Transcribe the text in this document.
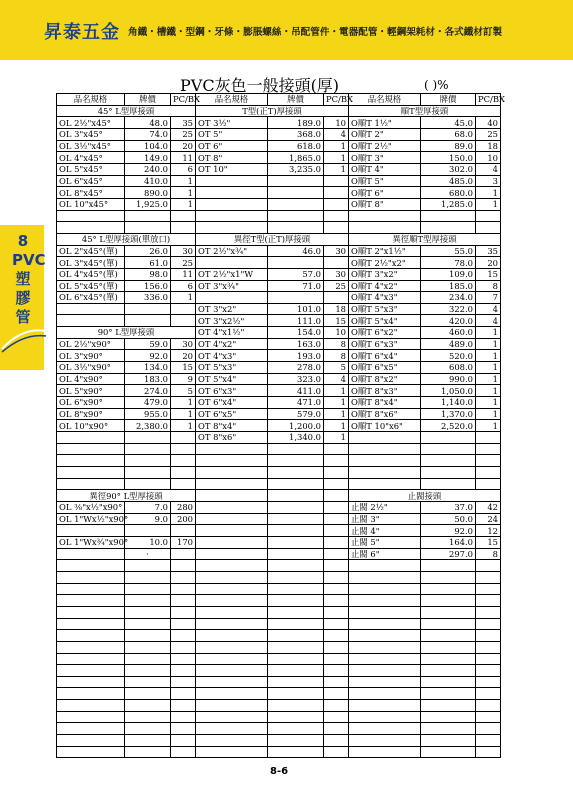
昇泰五金 角鐵・槽鐵・型鋼・牙條・膨脹螺絲・吊配管件・電器配管・輕鋼架耗材・各式鐵材訂製
8 PVC塑膠管
PVC灰色一般接頭(厚)	( )%
品名規格	牌價	PC/BX	品名規格	牌價	PC/BX	品名規格	牌價	PC/BX
45° L型厚接頭			T型(正T)厚接頭			順T型厚接頭		
OL 2½"x45°	48.0	35	OT 3½"	189.0	10	O順T 1½"	45.0	40
OL 3"x45°	74.0	25	OT 5"	368.0	4	O順T 2"	68.0	25
OL 3½"x45°	104.0	20	OT 6"	618.0	1	O順T 2½"	89.0	18
OL 4"x45°	149.0	11	OT 8"	1,865.0	1	O順T 3"	150.0	10
OL 5"x45°	240.0	6	OT 10"	3,235.0	1	O順T 4"	302.0	4
OL 6"x45°	410.0	1				O順T 5"	485.0	3
OL 8"x45°	890.0	1				O順T 6"	680.0	1
OL 10"x45°	1,925.0	1				O順T 8"	1,285.0	1

45° L型厚接頭(單放口)			異徑T型(正T)厚接頭			異徑順T型厚接頭		
OL 2"x45°(單)	26.0	30	OT 2½"x¾"	46.0	30	O順T 2"x1½"	55.0	35
OL 3"x45°(單)	61.0	25				O順T 2½"x2"	78.0	20
OL 4"x45°(單)	98.0	11	OT 2½"x1"W	57.0	30	O順T 3"x2"	109.0	15
OL 5"x45°(單)	156.0	6	OT 3"x¾"	71.0	25	O順T 4"x2"	185.0	8
OL 6"x45°(單)	336.0	1				O順T 4"x3"	234.0	7
			OT 3"x2"	101.0	18	O順T 5"x3"	322.0	4
			OT 3"x2½"	111.0	15	O順T 5"x4"	420.0	4
90° L型厚接頭			OT 4"x1½"	154.0	10	O順T 6"x2"	460.0	1
OL 2½"x90°	59.0	30	OT 4"x2"	163.0	8	O順T 6"x3"	489.0	1
OL 3"x90°	92.0	20	OT 4"x3"	193.0	8	O順T 6"x4"	520.0	1
OL 3½"x90°	134.0	15	OT 5"x3"	278.0	5	O順T 6"x5"	608.0	1
OL 4"x90°	183.0	9	OT 5"x4"	323.0	4	O順T 8"x2"	990.0	1
OL 5"x90°	274.0	5	OT 6"x3"	411.0	1	O順T 8"x3"	1,050.0	1
OL 6"x90°	479.0	1	OT 6"x4"	471.0	1	O順T 8"x4"	1,140.0	1
OL 8"x90°	955.0	1	OT 6"x5"	579.0	1	O順T 8"x6"	1,370.0	1
OL 10"x90°	2,380.0	1	OT 8"x4"	1,200.0	1	O順T 10"x6"	2,520.0	1
			OT 8"x6"	1,340.0	1			

異徑90° L型厚接頭						止閥接頭		
OL ⅜"x½"x90°	7.0	280				止閥 2½"	37.0	42
OL 1"Wx½"x90°	9.0	200				止閥 3"	50.0	24
						止閥 4"	92.0	12
OL 1"Wx¾"x90°	10.0	170				止閥 5"	164.0	15
	·					止閥 6"	297.0	8

8-6
